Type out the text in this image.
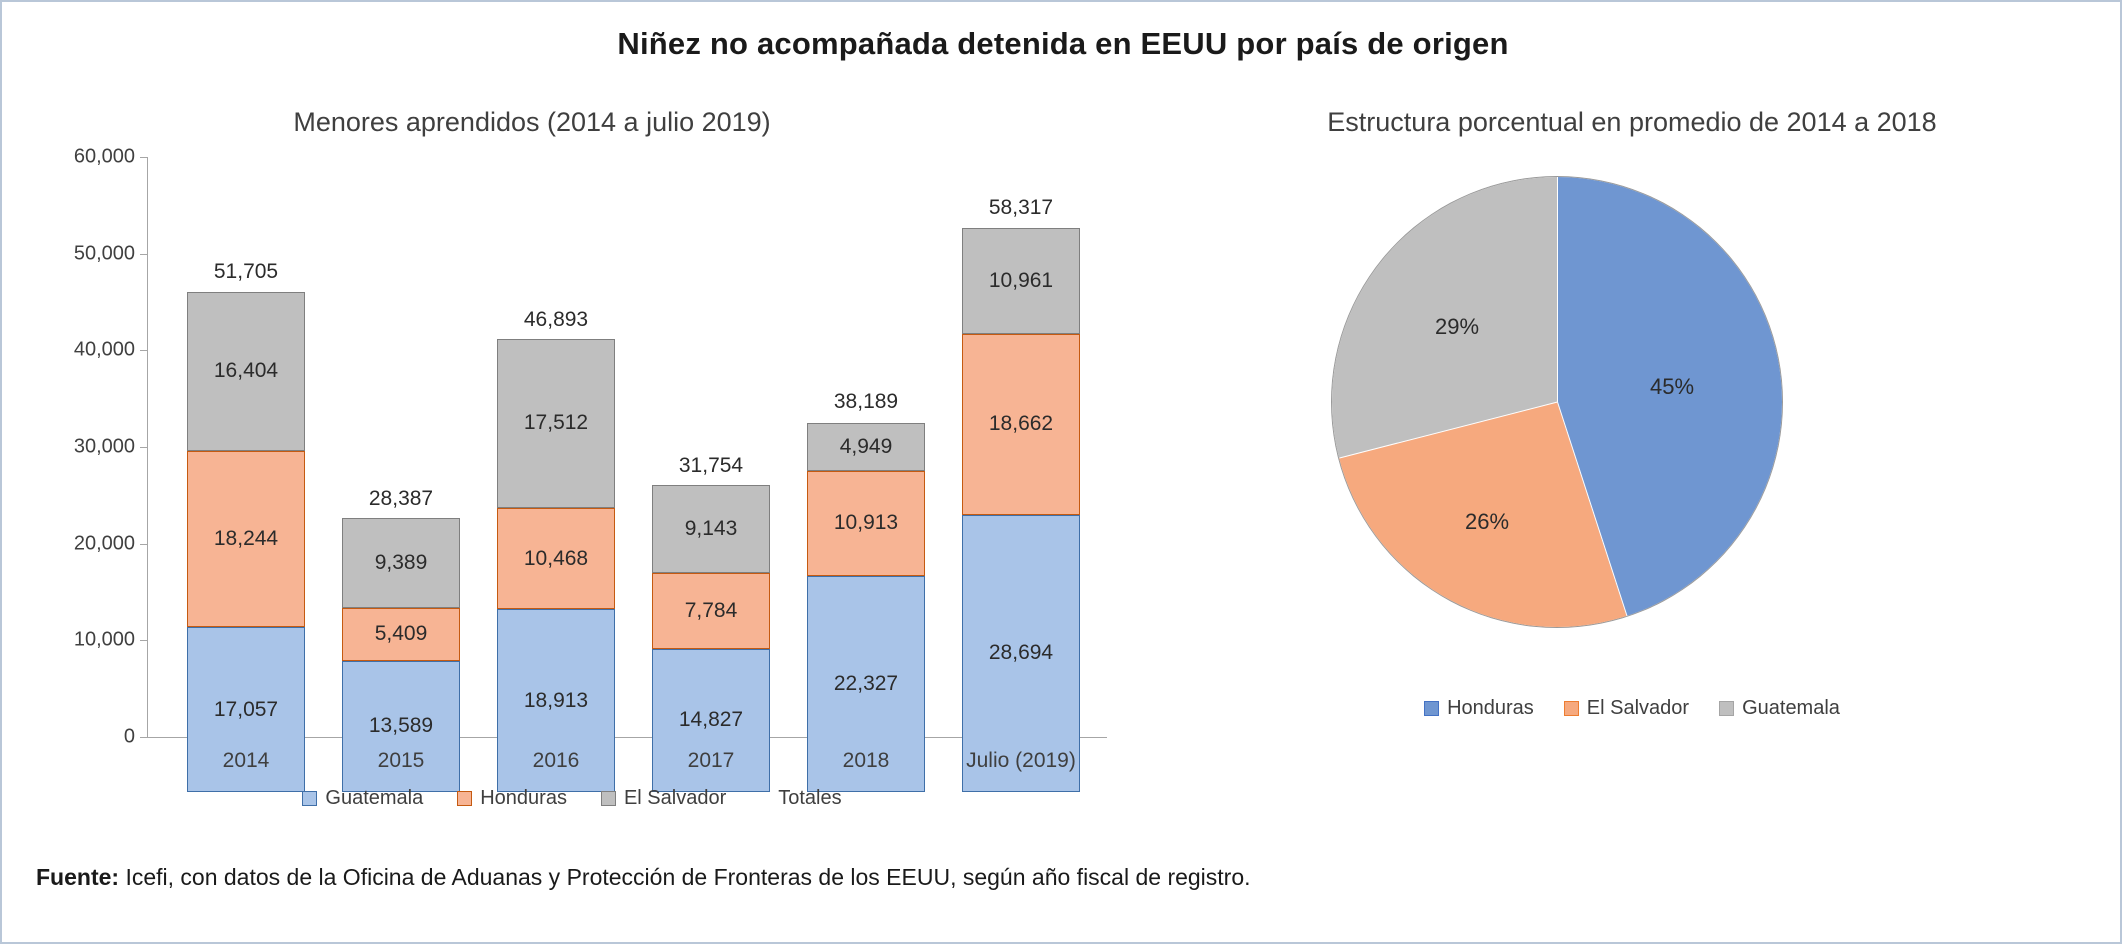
Niñez no acompañada detenida en EEUU por país de origen
Menores aprendidos (2014 a julio 2019)
0
10,000
20,000
30,000
40,000
50,000
60,000
17,057
18,244
16,404
51,705
13,589
5,409
9,389
28,387
18,913
10,468
17,512
46,893
14,827
7,784
9,143
31,754
22,327
10,913
4,949
38,189
28,694
18,662
10,961
58,317
2014	2015	2016	2017	2018	Julio (2019)
Guatemala	Honduras	El Salvador	Totales
Estructura porcentual en promedio de 2014 a 2018
45%
26%
29%
Honduras	El Salvador	Guatemala
Fuente: Icefi, con datos de la Oficina de Aduanas y Protección de Fronteras de los EEUU, según año fiscal de registro.
